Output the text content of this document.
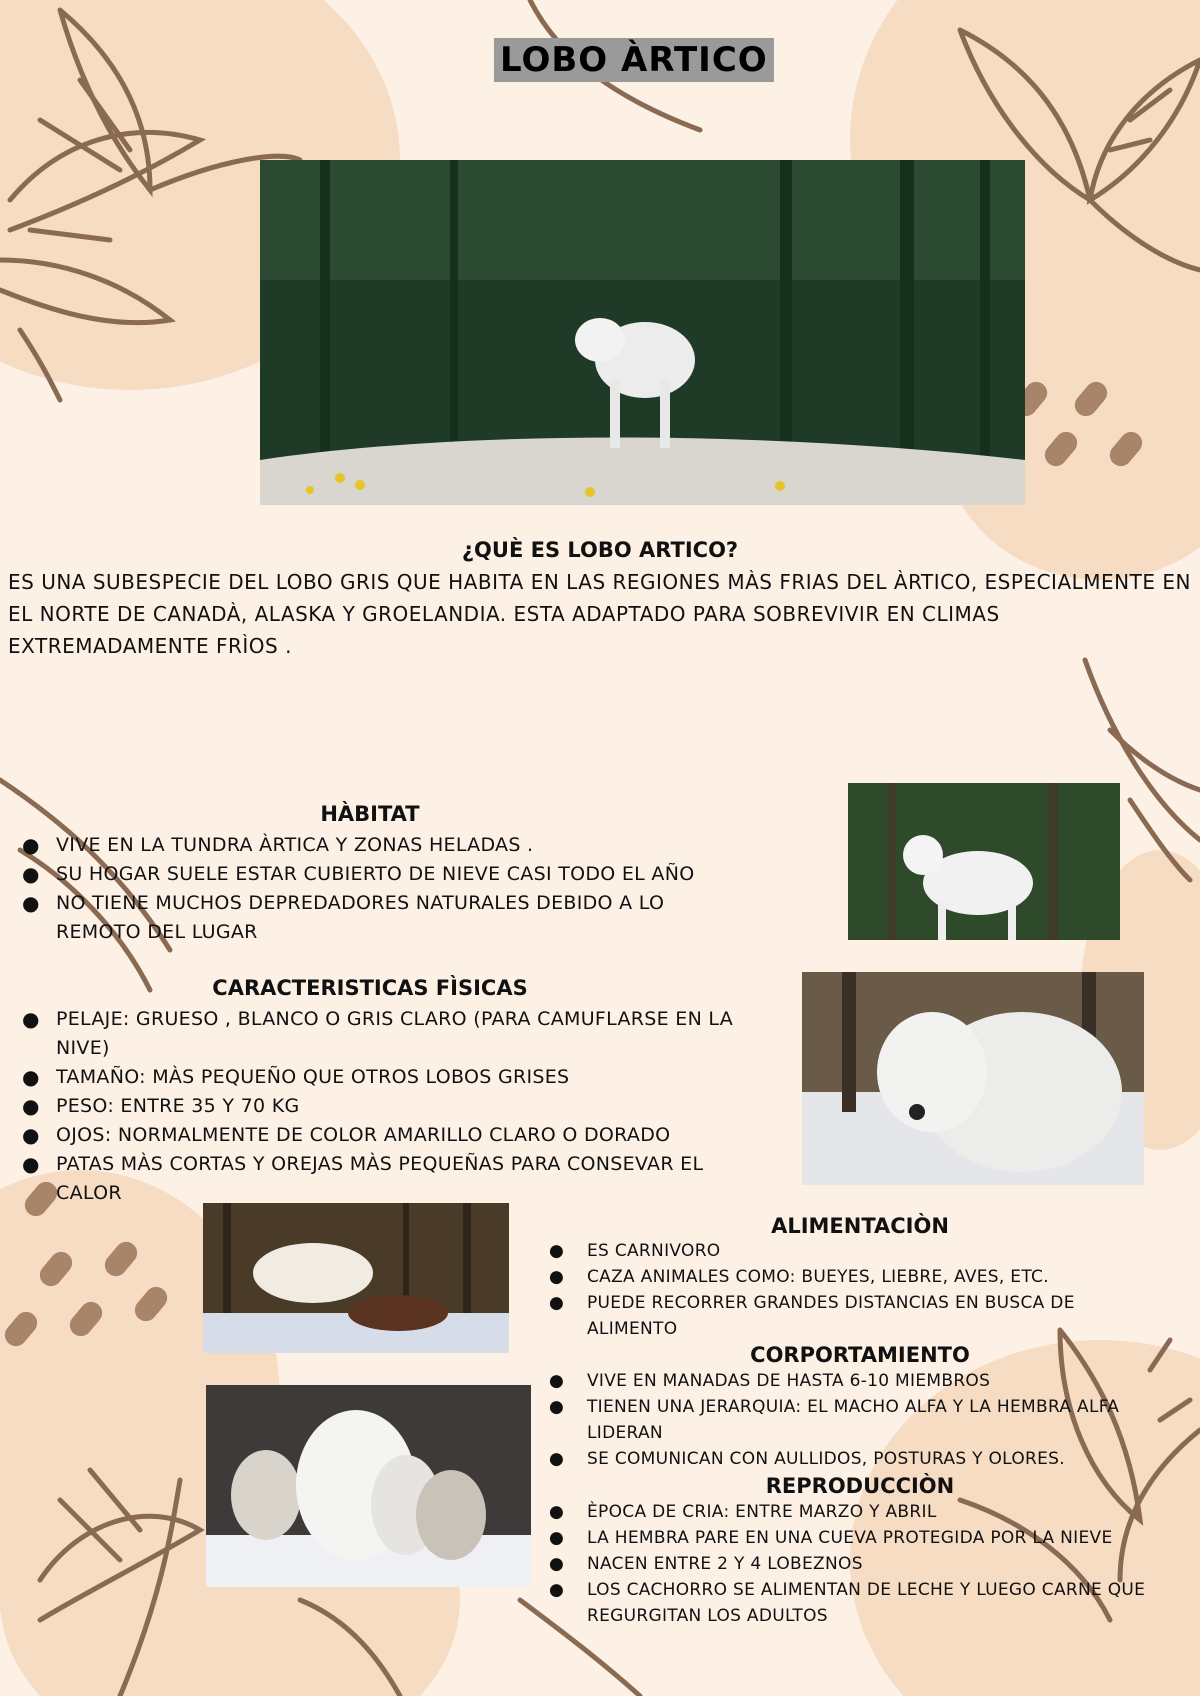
LOBO ÀRTICO
¿QUÈ ES LOBO ARTICO?
ES UNA SUBESPECIE DEL LOBO GRIS QUE HABITA EN LAS REGIONES MÀS FRIAS DEL ÀRTICO, ESPECIALMENTE EN EL NORTE DE CANADÀ, ALASKA Y GROELANDIA. ESTA ADAPTADO PARA SOBREVIVIR EN CLIMAS EXTREMADAMENTE FRÌOS .
HÀBITAT
● VIVE EN LA TUNDRA ÀRTICA Y ZONAS HELADAS .
● SU HOGAR SUELE ESTAR CUBIERTO DE NIEVE CASI TODO EL AÑO
● NO TIENE MUCHOS DEPREDADORES NATURALES DEBIDO A LO REMOTO DEL LUGAR
CARACTERISTICAS FÌSICAS
● PELAJE: GRUESO , BLANCO O GRIS CLARO (PARA CAMUFLARSE EN LA NIVE)
● TAMAÑO: MÀS PEQUEÑO QUE OTROS LOBOS GRISES
● PESO: ENTRE 35 Y 70 KG
● OJOS: NORMALMENTE DE COLOR AMARILLO CLARO O DORADO
● PATAS MÀS CORTAS Y OREJAS MÀS PEQUEÑAS PARA CONSEVAR EL CALOR
ALIMENTACIÒN
● ES CARNIVORO
● CAZA ANIMALES COMO: BUEYES, LIEBRE, AVES, ETC.
● PUEDE RECORRER GRANDES DISTANCIAS EN BUSCA DE ALIMENTO
CORPORTAMIENTO
● VIVE EN MANADAS DE HASTA 6-10 MIEMBROS
● TIENEN UNA JERARQUIA: EL MACHO ALFA Y LA HEMBRA ALFA LIDERAN
● SE COMUNICAN CON AULLIDOS, POSTURAS Y OLORES.
REPRODUCCIÒN
● ÈPOCA DE CRIA: ENTRE MARZO Y ABRIL
● LA HEMBRA PARE EN UNA CUEVA PROTEGIDA POR LA NIEVE
● NACEN ENTRE 2 Y 4 LOBEZNOS
● LOS CACHORRO SE ALIMENTAN DE LECHE Y LUEGO CARNE QUE REGURGITAN LOS ADULTOS
